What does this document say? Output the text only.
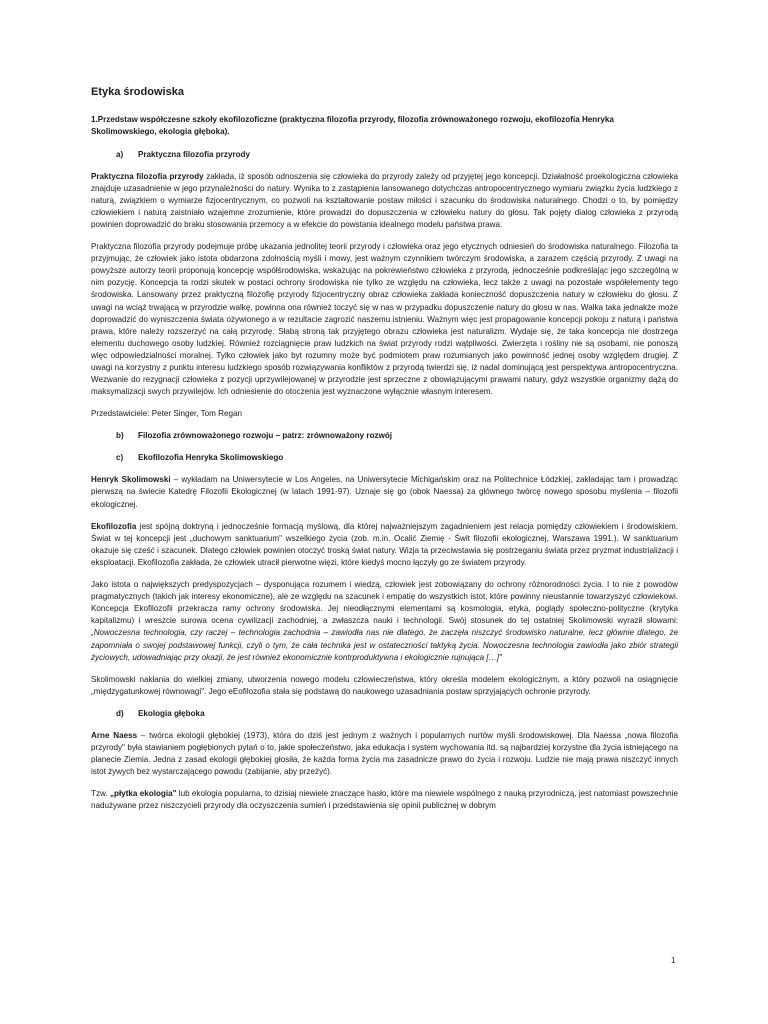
Etyka środowiska
1.Przedstaw współczesne szkoły ekofilozoficzne (praktyczna filozofia przyrody, filozofia zrównoważonego rozwoju, ekofilozofia Henryka Skolimowskiego, ekologia głęboka).
a)	Praktyczna filozofia przyrody

Praktyczna filozofia przyrody zakłada, iż sposób odnoszenia się człowieka do przyrody zależy od przyjętej jego koncepcji. Działalność proekologiczna człowieka znajduje uzasadnienie w jego przynależności do natury. Wynika to z zastąpienia lansowanego dotychczas antropocentrycznego wymiaru związku życia ludzkiego z naturą, związkiem o wymiarze fizjocentrycznym, co pozwoli na kształtowanie postaw miłości i szacunku do środowiska naturalnego. Chodzi o to, by pomiędzy człowiekiem i naturą zaistniało wzajemne zrozumienie, które prowadzi do dopuszczenia w człowieku natury do głosu. Tak pojęty dialog człowieka z przyrodą powinien doprowadzić do braku stosowania przemocy a w efekcie do powstania idealnego modelu państwa prawa.

Praktyczna filozofia przyrody podejmuje próbę ukazania jednolitej teorii przyrody i człowieka oraz jego etycznych odniesień do środowiska naturalnego. Filozofia ta przyjmując, że człowiek jako istota obdarzona zdolnością myśli i mowy, jest ważnym czynnikiem twórczym środowiska, a zarazem częścią przyrody. Z uwagi na powyższe autorzy teorii proponują koncepcję współśrodowiska, wskazując na pokrewieństwo człowieka z przyrodą, jednocześnie podkreślając jego szczególną w nim pozycję. Koncepcja ta rodzi skutek w postaci ochrony środowiska nie tylko ze względu na człowieka, lecz także z uwagi na pozostałe współelementy tego środowiska. Lansowany przez praktyczną filozofię przyrody fizjocentryczny obraz człowieka zakłada konieczność dopuszczenia natury w człowieku do głosu. Z uwagi na wciąż trwającą w przyrodzie walkę, powinna ona również toczyć się w nas w przypadku dopuszczenie natury do głosu w nas. Walka taka jednakże może doprowadzić do wyniszczenia świata ożywionego a w rezultacie zagrozić naszemu istnieniu. Ważnym więc jest propagowanie koncepcji pokoju z naturą i państwa prawa, które należy rozszerzyć na całą przyrodę. Słabą stroną tak przyjętego obrazu człowieka jest naturalizm. Wydaje się, że taka koncepcja nie dostrzega elementu duchowego osoby ludzkiej. Również rozciągnięcie praw ludzkich na świat przyrody rodzi wątpliwości. Zwierzęta i rośliny nie są osobami, nie ponoszą więc odpowiedzialności moralnej. Tylko człowiek jako byt rozumny może być podmiotem praw rozumianych jako powinność jednej osoby względem drugiej. Z uwagi na korzystny z punktu interesu ludzkiego sposób rozwiązywania konfliktów z przyrodą twierdzi się, iż nadal dominującą jest perspektywa antropocentryczna. Wezwanie do rezygnacji człowieka z pozycji uprzywilejowanej w przyrodzie jest sprzeczne z obowiązującymi prawami natury, gdyż wszystkie organizmy dążą do maksymalizacji swych przywilejów. Ich odniesienie do otoczenia jest wyznaczone wyłącznie własnym interesem.

Przedstawiciele: Peter Singer, Tom Regan

b)	Filozofia zrównoważonego rozwoju – patrz: zrównoważony rozwój
c)	Ekofilozofia Henryka Skolimowskiego

Henryk Skolimowski – wykładam na Uniwersytecie w Los Angeles, na Uniwersytecie Michigańskim oraz na Politechnice Łódzkiej, zakładając tam i prowadząc pierwszą na świecie Katedrę Filozofii Ekologicznej (w latach 1991-97). Uznaje się go (obok Naessa) za głównego twórcę nowego sposobu myślenia – filozofii ekologicznej.

Ekofilozofia jest spójną doktryną i jednocześnie formacją myślową, dla której najważniejszym zagadnieniem jest relacja pomiędzy człowiekiem i środowiskiem. Świat w tej koncepcji jest „duchowym sanktuarium" wszelkiego życia (zob. m.in. Ocalić Ziemię - Świt filozofii ekologicznej, Warszawa 1991.). W sanktuarium okazuje się cześć i szacunek. Dlatego człowiek powinien otoczyć troską świat natury. Wizja ta przeciwstawia się postrzeganiu świata przez pryzmat industrializacji i eksploatacji. Ekofilozofia zakłada, że człowiek utracił pierwotne więzi, które kiedyś mocno łączyły go ze światem przyrody.

Jako istota o największych predyspozycjach – dysponująca rozumem i wiedzą, człowiek jest zobowiązany do ochrony różnorodności życia. I to nie z powodów pragmatycznych (takich jak interesy ekonomiczne), ale ze względu na szacunek i empatię do wszystkich istot, które powinny nieustannie towarzyszyć człowiekowi. Koncepcja Ekofilozofii przekracza ramy ochrony środowiska. Jej nieodłącznymi elementami są kosmologia, etyka, poglądy społeczno-polityczne (krytyka kapitalizmu) i wreszcie surowa ocena cywilizacji zachodniej, a zwłaszcza nauki i technologii. Swój stosunek do tej ostatniej Skolimowski wyraził słowami: „Nowoczesna technologia, czy raczej – technologia zachodnia – zawiodła nas nie dlatego, że zaczęła niszczyć środowisko naturalne, lecz głównie dlatego, że zapomniała o swojej podstawowej funkcji, czyli o tym, że cała technika jest w ostateczności taktyką życia. Nowoczesna technologia zawiodła jako zbiór strategii życiowych, udowadniając przy okazji, że jest również ekonomicznie kontrproduktywna i ekologicznie rujnująca […]"

Skolimowski nakłania do wielkiej zmiany, utworzenia nowego modelu człowieczeństwa, który określa modelem ekologicznym, a który pozwoli na osiągnięcie „międzygatunkowej równowagi". Jego eEofilozofia stała się podstawą do naukowego uzasadniania postaw sprzyjających ochronie przyrody.

d)	Ekologia głęboka

Arne Naess – twórca ekologii głębokiej (1973), która do dziś jest jednym z ważnych i popularnych nurtów myśli środowiskowej. Dla Naessa „nowa filozofia przyrody" była stawianiem pogłębionych pytań o to, jakie społeczeństwo, jaka edukacja i system wychowania itd. są najbardziej korzystne dla życia istniejącego na planecie Ziemia. Jedna z zasad ekologii głębokiej głosiła, że każda forma życia ma zasadnicze prawo do życia i rozwoju. Ludzie nie mają prawa niszczyć innych istot żywych bez wystarczającego powodu (zabijanie, aby przeżyć).

Tzw. „płytka ekologia" lub ekologia popularna, to dzisiaj niewiele znaczące hasło, które ma niewiele wspólnego z nauką przyrodniczą, jest natomiast powszechnie nadużywane przez niszczycieli przyrody dla oczyszczenia sumień i przedstawienia się opinii publicznej w dobrym

1
